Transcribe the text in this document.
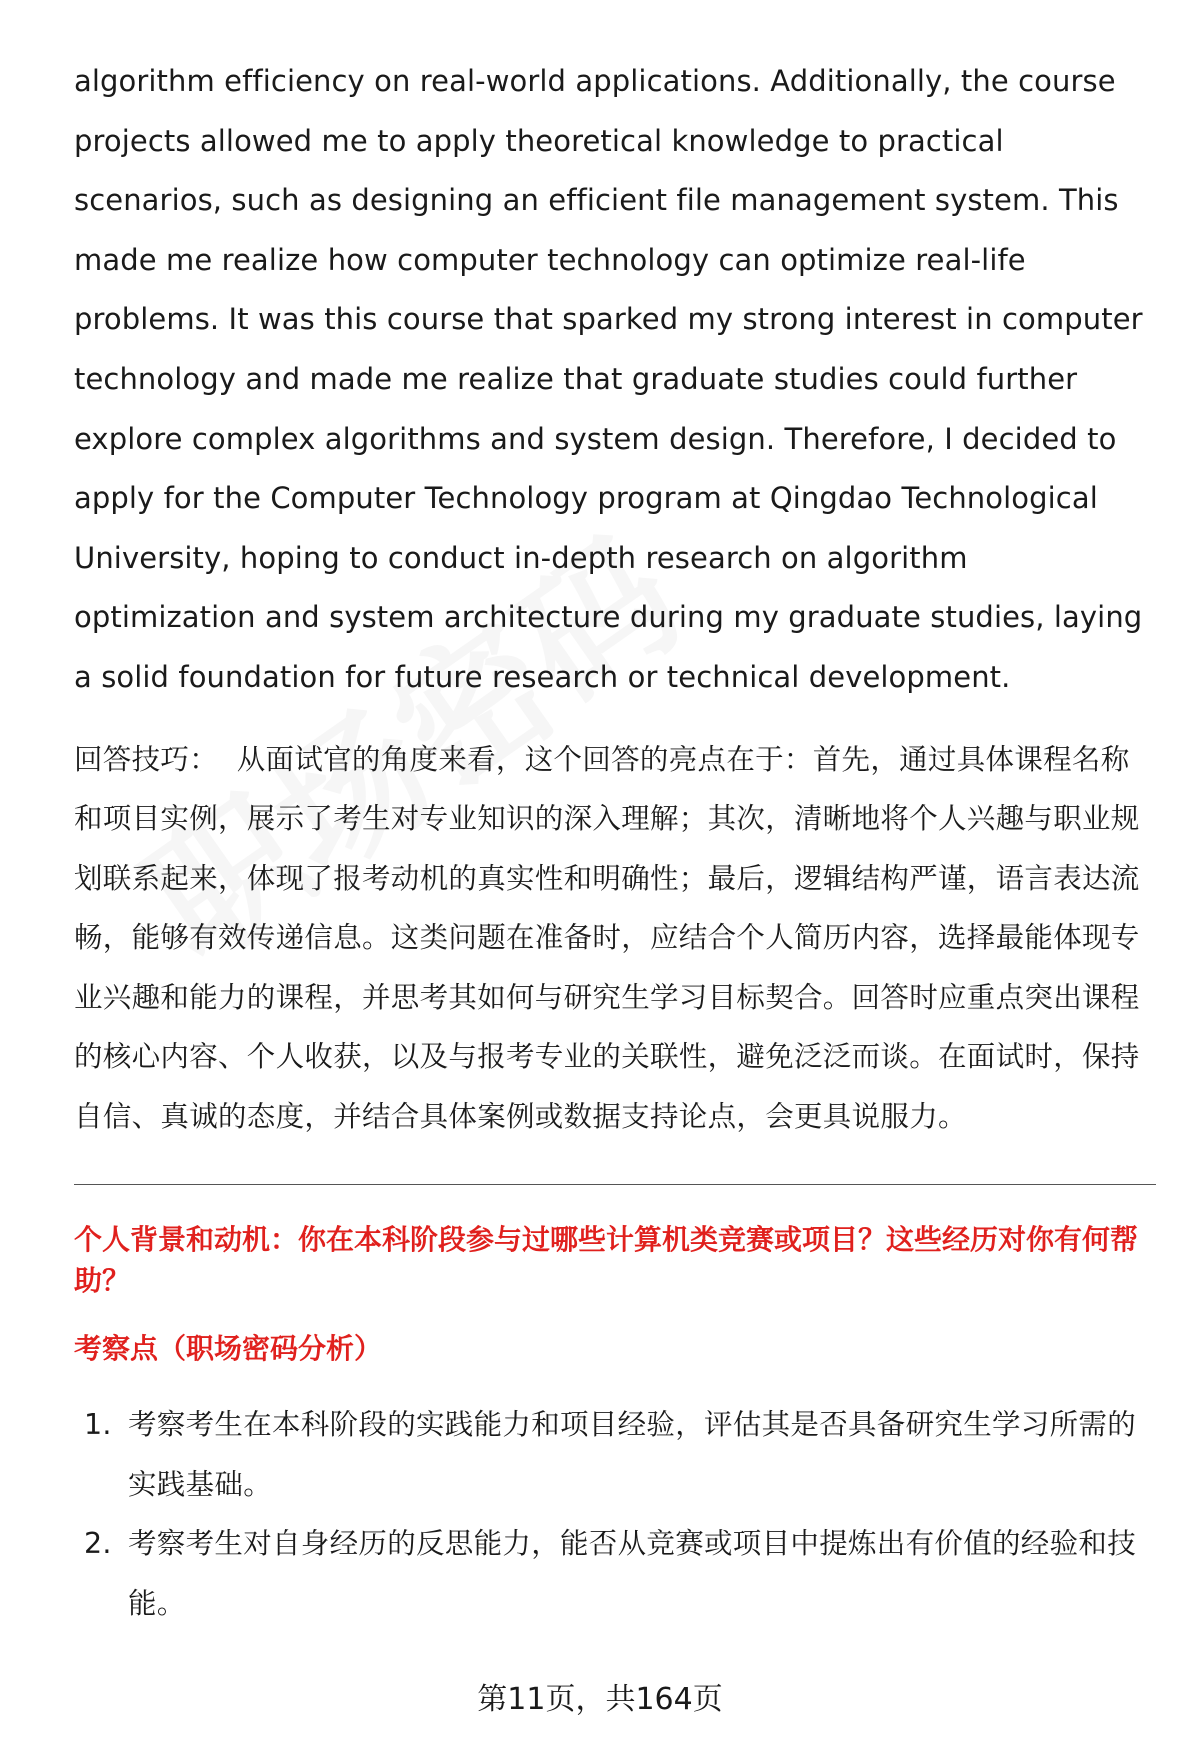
algorithm efficiency on real-world applications. Additionally, the course projects allowed me to apply theoretical knowledge to practical scenarios, such as designing an efficient file management system. This made me realize how computer technology can optimize real-life problems. It was this course that sparked my strong interest in computer technology and made me realize that graduate studies could further explore complex algorithms and system design. Therefore, I decided to apply for the Computer Technology program at Qingdao Technological University, hoping to conduct in-depth research on algorithm optimization and system architecture during my graduate studies, laying a solid foundation for future research or technical development.

回答技巧： 从面试官的角度来看，这个回答的亮点在于：首先，通过具体课程名称和项目实例，展示了考生对专业知识的深入理解；其次，清晰地将个人兴趣与职业规划联系起来，体现了报考动机的真实性和明确性；最后，逻辑结构严谨，语言表达流畅，能够有效传递信息。这类问题在准备时，应结合个人简历内容，选择最能体现专业兴趣和能力的课程，并思考其如何与研究生学习目标契合。回答时应重点突出课程的核心内容、个人收获，以及与报考专业的关联性，避免泛泛而谈。在面试时，保持自信、真诚的态度，并结合具体案例或数据支持论点，会更具说服力。

个人背景和动机：你在本科阶段参与过哪些计算机类竞赛或项目？这些经历对你有何帮助？
考察点（职场密码分析）
1. 考察考生在本科阶段的实践能力和项目经验，评估其是否具备研究生学习所需的实践基础。
2. 考察考生对自身经历的反思能力，能否从竞赛或项目中提炼出有价值的经验和技能。
第11页，共164页
